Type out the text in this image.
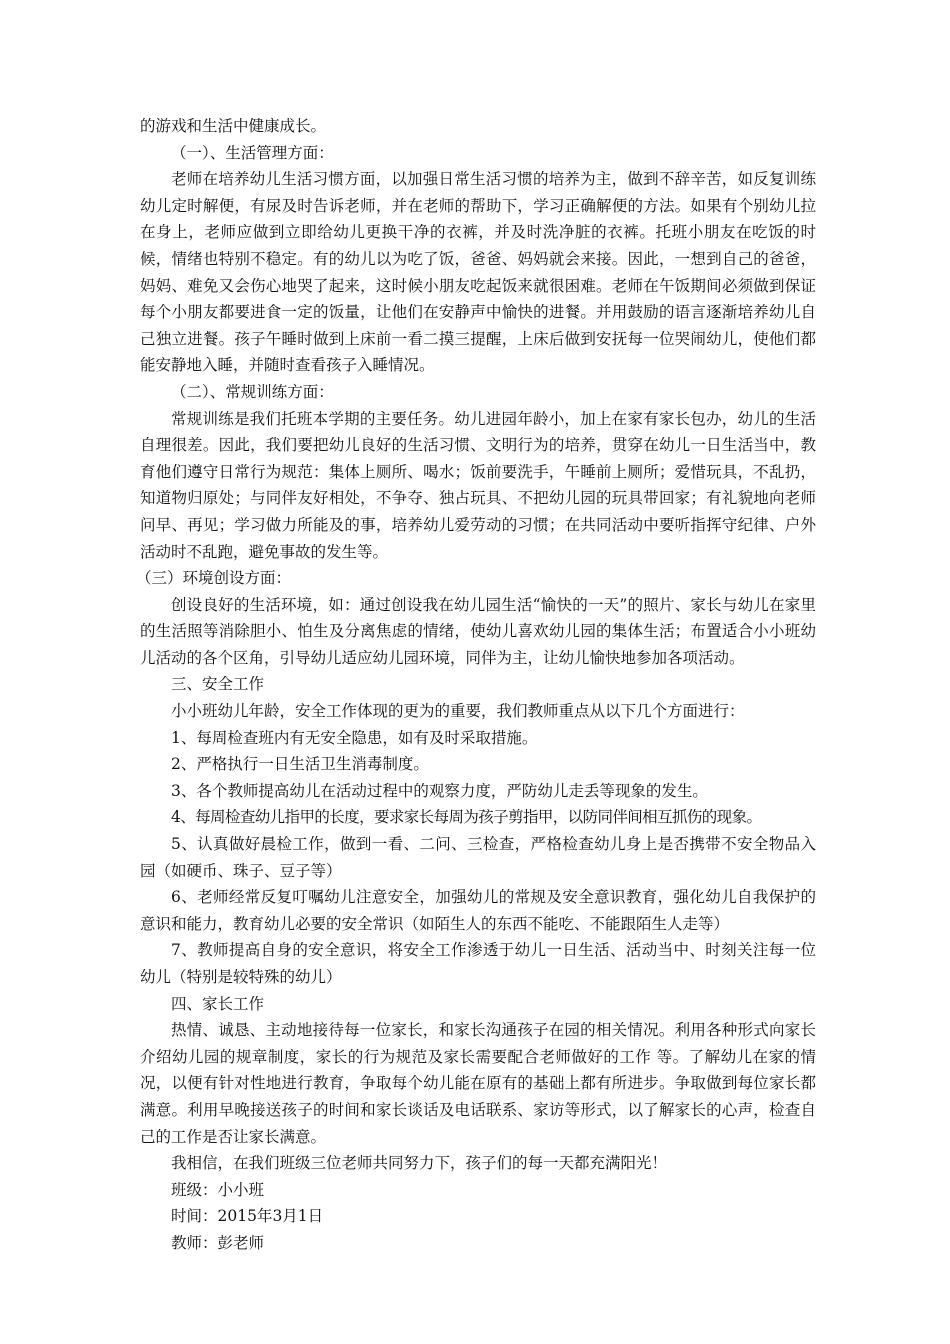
的游戏和生活中健康成长。

（一）、生活管理方面：

老师在培养幼儿生活习惯方面，以加强日常生活习惯的培养为主，做到不辞辛苦，如反复训练幼儿定时解便，有尿及时告诉老师，并在老师的帮助下，学习正确解便的方法。如果有个别幼儿拉在身上，老师应做到立即给幼儿更换干净的衣裤，并及时洗净脏的衣裤。托班小朋友在吃饭的时候，情绪也特别不稳定。有的幼儿以为吃了饭，爸爸、妈妈就会来接。因此，一想到自己的爸爸，妈妈、难免又会伤心地哭了起来，这时候小朋友吃起饭来就很困难。老师在午饭期间必须做到保证每个小朋友都要进食一定的饭量，让他们在安静声中愉快的进餐。并用鼓励的语言逐渐培养幼儿自己独立进餐。孩子午睡时做到上床前一看二摸三提醒，上床后做到安抚每一位哭闹幼儿，使他们都能安静地入睡，并随时查看孩子入睡情况。

（二）、常规训练方面：

常规训练是我们托班本学期的主要任务。幼儿进园年龄小，加上在家有家长包办，幼儿的生活自理很差。因此，我们要把幼儿良好的生活习惯、文明行为的培养，贯穿在幼儿一日生活当中，教育他们遵守日常行为规范：集体上厕所、喝水；饭前要洗手，午睡前上厕所；爱惜玩具，不乱扔，知道物归原处；与同伴友好相处，不争夺、独占玩具、不把幼儿园的玩具带回家；有礼貌地向老师问早、再见；学习做力所能及的事，培养幼儿爱劳动的习惯；在共同活动中要听指挥守纪律、户外活动时不乱跑，避免事故的发生等。

（三）环境创设方面：

创设良好的生活环境，如：通过创设我在幼儿园生活“愉快的一天”的照片、家长与幼儿在家里的生活照等消除胆小、怕生及分离焦虑的情绪，使幼儿喜欢幼儿园的集体生活；布置适合小小班幼儿活动的各个区角，引导幼儿适应幼儿园环境，同伴为主，让幼儿愉快地参加各项活动。

三、安全工作

小小班幼儿年龄，安全工作体现的更为的重要，我们教师重点从以下几个方面进行：

1、每周检查班内有无安全隐患，如有及时采取措施。

2、严格执行一日生活卫生消毒制度。

3、各个教师提高幼儿在活动过程中的观察力度，严防幼儿走丢等现象的发生。

4、每周检查幼儿指甲的长度，要求家长每周为孩子剪指甲，以防同伴间相互抓伤的现象。

5、认真做好晨检工作，做到一看、二问、三检查，严格检查幼儿身上是否携带不安全物品入园（如硬币、珠子、豆子等）

6、老师经常反复叮嘱幼儿注意安全，加强幼儿的常规及安全意识教育，强化幼儿自我保护的意识和能力，教育幼儿必要的安全常识（如陌生人的东西不能吃、不能跟陌生人走等）

7、教师提高自身的安全意识，将安全工作渗透于幼儿一日生活、活动当中、时刻关注每一位幼儿（特别是较特殊的幼儿）

四、家长工作

热情、诚恳、主动地接待每一位家长，和家长沟通孩子在园的相关情况。利用各种形式向家长介绍幼儿园的规章制度，家长的行为规范及家长需要配合老师做好的工作 等。了解幼儿在家的情况，以便有针对性地进行教育，争取每个幼儿能在原有的基础上都有所进步。争取做到每位家长都满意。利用早晚接送孩子的时间和家长谈话及电话联系、家访等形式，以了解家长的心声，检查自己的工作是否让家长满意。

我相信，在我们班级三位老师共同努力下，孩子们的每一天都充满阳光！

班级：小小班

时间：2015年3月1日

教师：彭老师
